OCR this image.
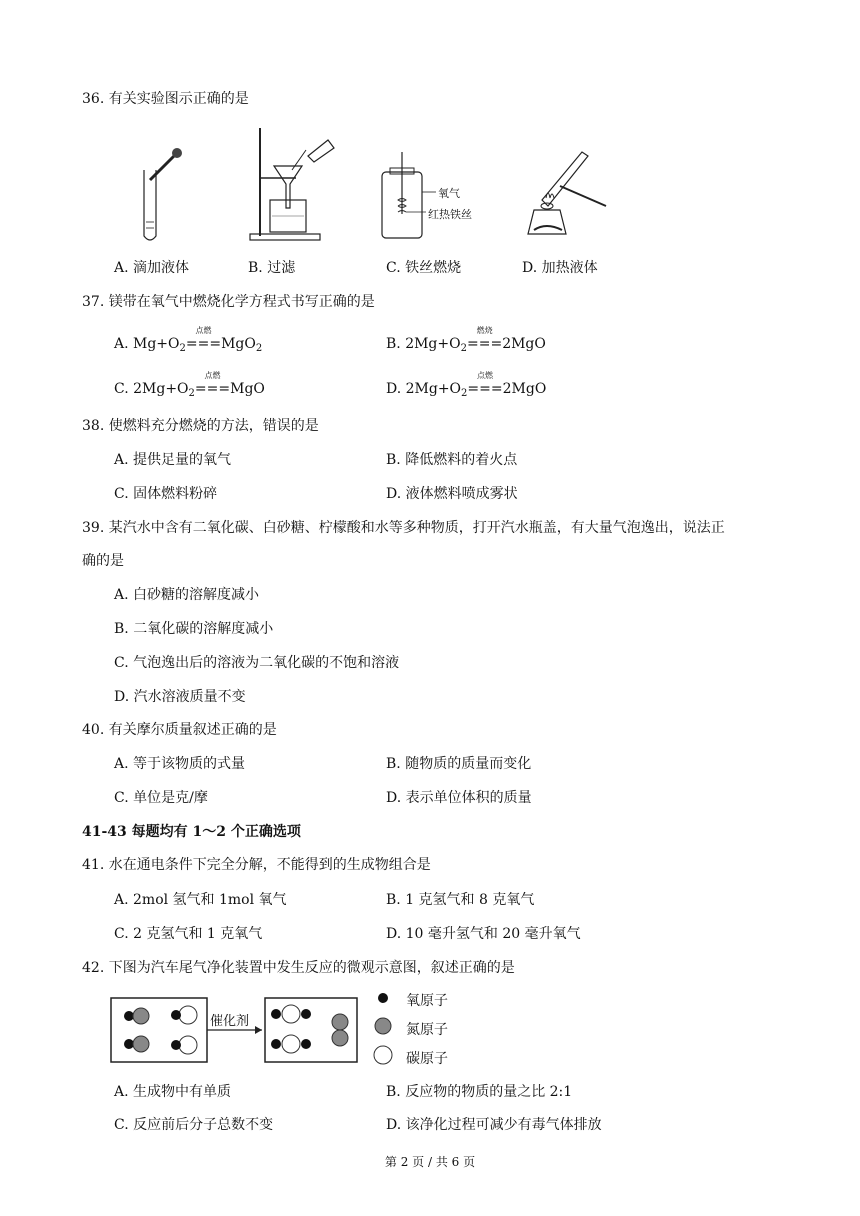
36. 有关实验图示正确的是
氧气
红热铁丝
A. 滴加液体	B. 过滤	C. 铁丝燃烧	D. 加热液体
37. 镁带在氧气中燃烧化学方程式书写正确的是
A. $Mg+O_2$
点燃
===MgO$_2$	B. $2Mg+O_2$
燃烧
===2MgO
C. $2Mg+O_2$
点燃
===MgO	D. $2Mg+O_2$
点燃
===2MgO
38. 使燃料充分燃烧的方法，错误的是
A. 提供足量的氧气	B. 降低燃料的着火点
C. 固体燃料粉碎	D. 液体燃料喷成雾状
39. 某汽水中含有二氧化碳、白砂糖、柠檬酸和水等多种物质，打开汽水瓶盖，有大量气泡逸出，说法正
确的是
A. 白砂糖的溶解度减小
B. 二氧化碳的溶解度减小
C. 气泡逸出后的溶液为二氧化碳的不饱和溶液
D. 汽水溶液质量不变
40. 有关摩尔质量叙述正确的是
A. 等于该物质的式量	B. 随物质的质量而变化
C. 单位是克/摩	D. 表示单位体积的质量
41-43 每题均有 1～2 个正确选项
41. 水在通电条件下完全分解，不能得到的生成物组合是
A. 2mol 氢气和 1mol 氧气	B. 1 克氢气和 8 克氧气
C. 2 克氢气和 1 克氧气	D. 10 毫升氢气和 20 毫升氧气
42. 下图为汽车尾气净化装置中发生反应的微观示意图，叙述正确的是
催化剂
氧原子
氮原子
碳原子
A. 生成物中有单质	B. 反应物的物质的量之比 2:1
C. 反应前后分子总数不变	D. 该净化过程可减少有毒气体排放
第 2 页 / 共 6 页
